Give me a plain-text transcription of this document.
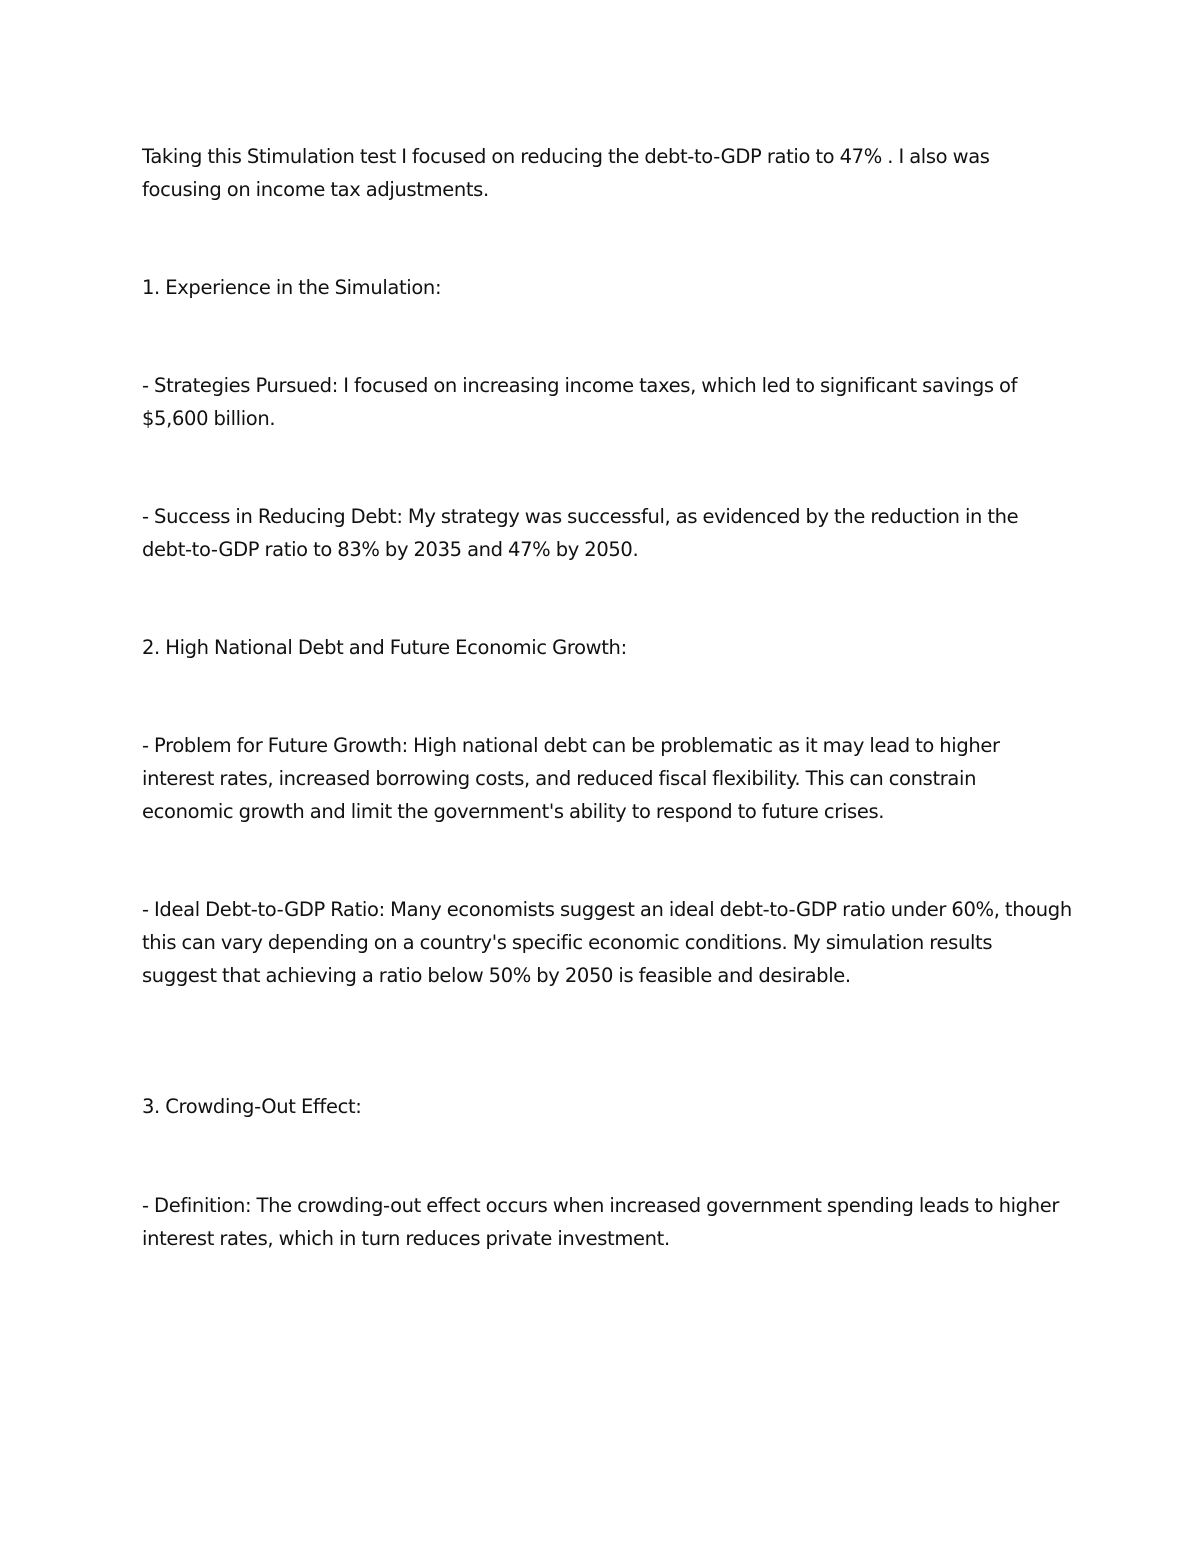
Taking this Stimulation test I focused on reducing the debt-to-GDP ratio to 47% . I also was focusing on income tax adjustments.

1. Experience in the Simulation:

- Strategies Pursued: I focused on increasing income taxes, which led to significant savings of $5,600 billion.

- Success in Reducing Debt: My strategy was successful, as evidenced by the reduction in the debt-to-GDP ratio to 83% by 2035 and 47% by 2050.

2. High National Debt and Future Economic Growth:

- Problem for Future Growth: High national debt can be problematic as it may lead to higher interest rates, increased borrowing costs, and reduced fiscal flexibility. This can constrain economic growth and limit the government's ability to respond to future crises.

- Ideal Debt-to-GDP Ratio: Many economists suggest an ideal debt-to-GDP ratio under 60%, though this can vary depending on a country's specific economic conditions. My simulation results suggest that achieving a ratio below 50% by 2050 is feasible and desirable.

3. Crowding-Out Effect:

- Definition: The crowding-out effect occurs when increased government spending leads to higher interest rates, which in turn reduces private investment.
